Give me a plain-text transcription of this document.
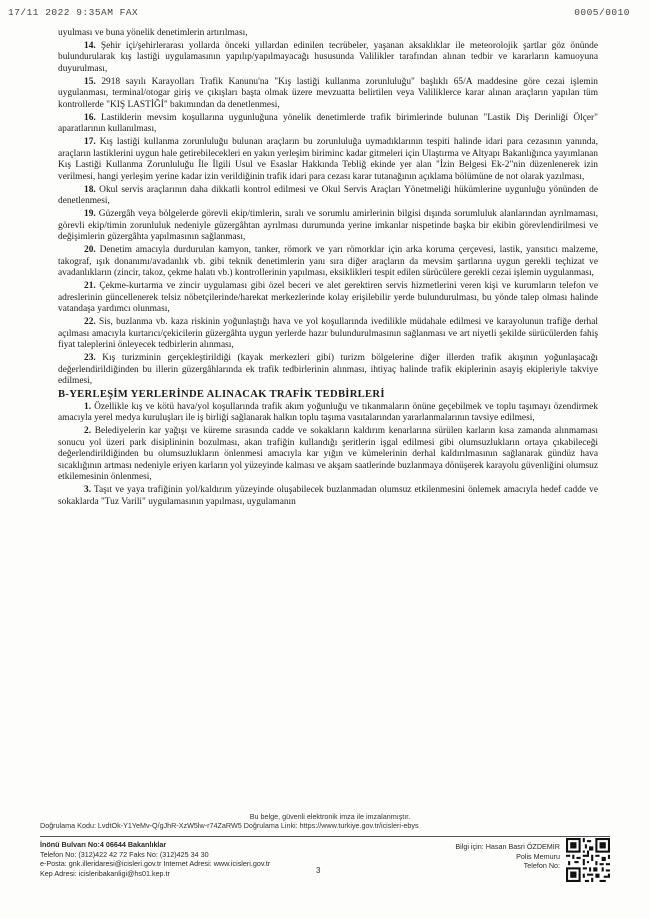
17/11 2022 9:35AM FAX	0005/0010

uyulması ve buna yönelik denetimlerin artırılması,

14. Şehir içi/şehirlerarası yollarda önceki yıllardan edinilen tecrübeler, yaşanan aksaklıklar ile meteorolojik şartlar göz önünde bulundurularak kış lastiği uygulamasının yapılıp/yapılmayacağı hususunda Valilikler tarafından alınan tedbir ve kararların kamuoyuna duyurulması,

15. 2918 sayılı Karayolları Trafik Kanunu'na "Kış lastiği kullanma zorunluluğu" başlıklı 65/A maddesine göre cezai işlemin uygulanması, terminal/otogar giriş ve çıkışları başta olmak üzere mevzuatta belirtilen veya Valiliklerce karar alınan araçların yapılan tüm kontrollerde "KIŞ LASTİĞİ" bakımından da denetlenmesi,

16. Lastiklerin mevsim koşullarına uygunluğuna yönelik denetimlerde trafik birimlerinde bulunan "Lastik Diş Derinliği Ölçer" aparatlarının kullanılması,

17. Kış lastiği kullanma zorunluluğu bulunan araçların bu zorunluluğa uymadıklarının tespiti halinde idari para cezasının yanında, araçların lastiklerini uygun hale getirebilecekleri en yakın yerleşim biriminc kadar gitmeleri için Ulaştırma ve Altyapı Bakanlığınca yayımlanan Kış Lastiği Kullanma Zorunluluğu İle İlgili Usul ve Esaslar Hakkında Tebliğ ekinde yer alan "İzin Belgesi Ek-2"nin düzenlenerek izin verilmesi, hangi yerleşim yerine kadar izin verildiğinin trafik idari para cezası karar tutanağının açıklama bölümüne de not olarak yazılması,

18. Okul servis araçlarının daha dikkatli kontrol edilmesi ve Okul Servis Araçları Yönetmeliği hükümlerine uygunluğu yönünden de denetlenmesi,

19. Güzergâh veya bölgelerde görevli ekip/timlerin, sıralı ve sorumlu amirlerinin bilgisi dışında sorumluluk alanlarından ayrılmaması, görevli ekip/timin zorunluluk nedeniyle güzergâhtan ayrılması durumunda yerine imkanlar nispetinde başka bir ekibin görevlendirilmesi ve değişimlerin güzergâhta yapılmasının sağlanması,

20. Denetim amacıyla durdurulan kamyon, tanker, römork ve yarı römorklar için arka koruma çerçevesi, lastik, yansıtıcı malzeme, takograf, ışık donanımı/avadanlık vb. gibi teknik denetimlerin yanı sıra diğer araçların da mevsim şartlarına uygun gerekli teçhizat ve avadanlıkların (zincir, takoz, çekme halatı vb.) kontrollerinin yapılması, eksiklikleri tespit edilen sürücülere gerekli cezai işlemin uygulanması,

21. Çekme-kurtarma ve zincir uygulaması gibi özel beceri ve alet gerektiren servis hizmetlerini veren kişi ve kurumların telefon ve adreslerinin güncellenerek telsiz nöbetçilerinde/harekat merkezlerinde kolay erişilebilir yerde bulundurulması, bu yönde talep olması halinde vatandaşa yardımcı olunması,

22. Sis, buzlanma vb. kaza riskinin yoğunlaştığı hava ve yol koşullarında ivedilikle müdahale edilmesi ve karayolunun trafiğe derhal açılması amacıyla kurtarıcı/çekicilerin güzergâhta uygun yerlerde hazır bulundurulmasının sağlanması ve art niyetli şekilde sürücülerden fahiş fiyat taleplerini önleyecek tedbirlerin alınması,

23. Kış turizminin gerçekleştirildiği (kayak merkezleri gibi) turizm bölgelerine diğer illerden trafik akışının yoğunlaşacağı değerlendirildiğinden bu illerin güzergâhlarında ek trafik tedbirlerinin alınması, ihtiyaç halinde trafik ekiplerinin asayiş ekipleriyle takviye edilmesi,

B-YERLEŞİM YERLERİNDE ALINACAK TRAFİK TEDBİRLERİ

1. Özellikle kış ve kötü hava/yol koşullarında trafik akım yoğunluğu ve tıkanmaların önüne geçebilmek ve toplu taşımayı özendirmek amacıyla yerel medya kuruluşları ile iş birliği sağlanarak halkın toplu taşıma vasıtalarından yararlanmalarının tavsiye edilmesi,

2. Belediyelerin kar yağışı ve küreme sırasında cadde ve sokakların kaldırım kenarlarına sürülen karların kısa zamanda alınmaması sonucu yol üzeri park disiplininin bozulması, akan trafiğin kullandığı şeritlerin işgal edilmesi gibi olumsuzlukların ortaya çıkabileceği değerlendirildiğinden bu olumsuzlukların önlenmesi amacıyla kar yığın ve kümelerinin derhal kaldırılmasının sağlanarak gündüz hava sıcaklığının artması nedeniyle eriyen karların yol yüzeyinde kalması ve akşam saatlerinde buzlanmaya dönüşerek karayolu güvenliğini olumsuz etkilemesinin önlenmesi,

3. Taşıt ve yaya trafiğinin yol/kaldırım yüzeyinde oluşabilecek buzlanmadan olumsuz etkilenmesini önlemek amacıyla hedef cadde ve sokaklarda "Tuz Varili" uygulamasının yapılması, uygulamanın

Bu belge, güvenli elektronik imza ile imzalanmıştır.
Doğrulama Kodu: LvdtOk-Y1YeMv-Q/gJhR-XzW5lw-r74ZaRW5 Doğrulama Linki: https://www.turkiye.gov.tr/icisleri-ebys
İnönü Bulvarı No:4 06644 Bakanlıklar
Telefon No: (312)422 42 72 Faks No: (312)425 34 30
e-Posta: gnk.illeridaresi@icisleri.gov.tr İnternet Adresi: www.icisleri.gov.tr
Kep Adresi: icisleribakanligi@hs01.kep.tr
Bilgi için: Hasan Basri ÖZDEMİR
Polis Memuru
Telefon No:
3
